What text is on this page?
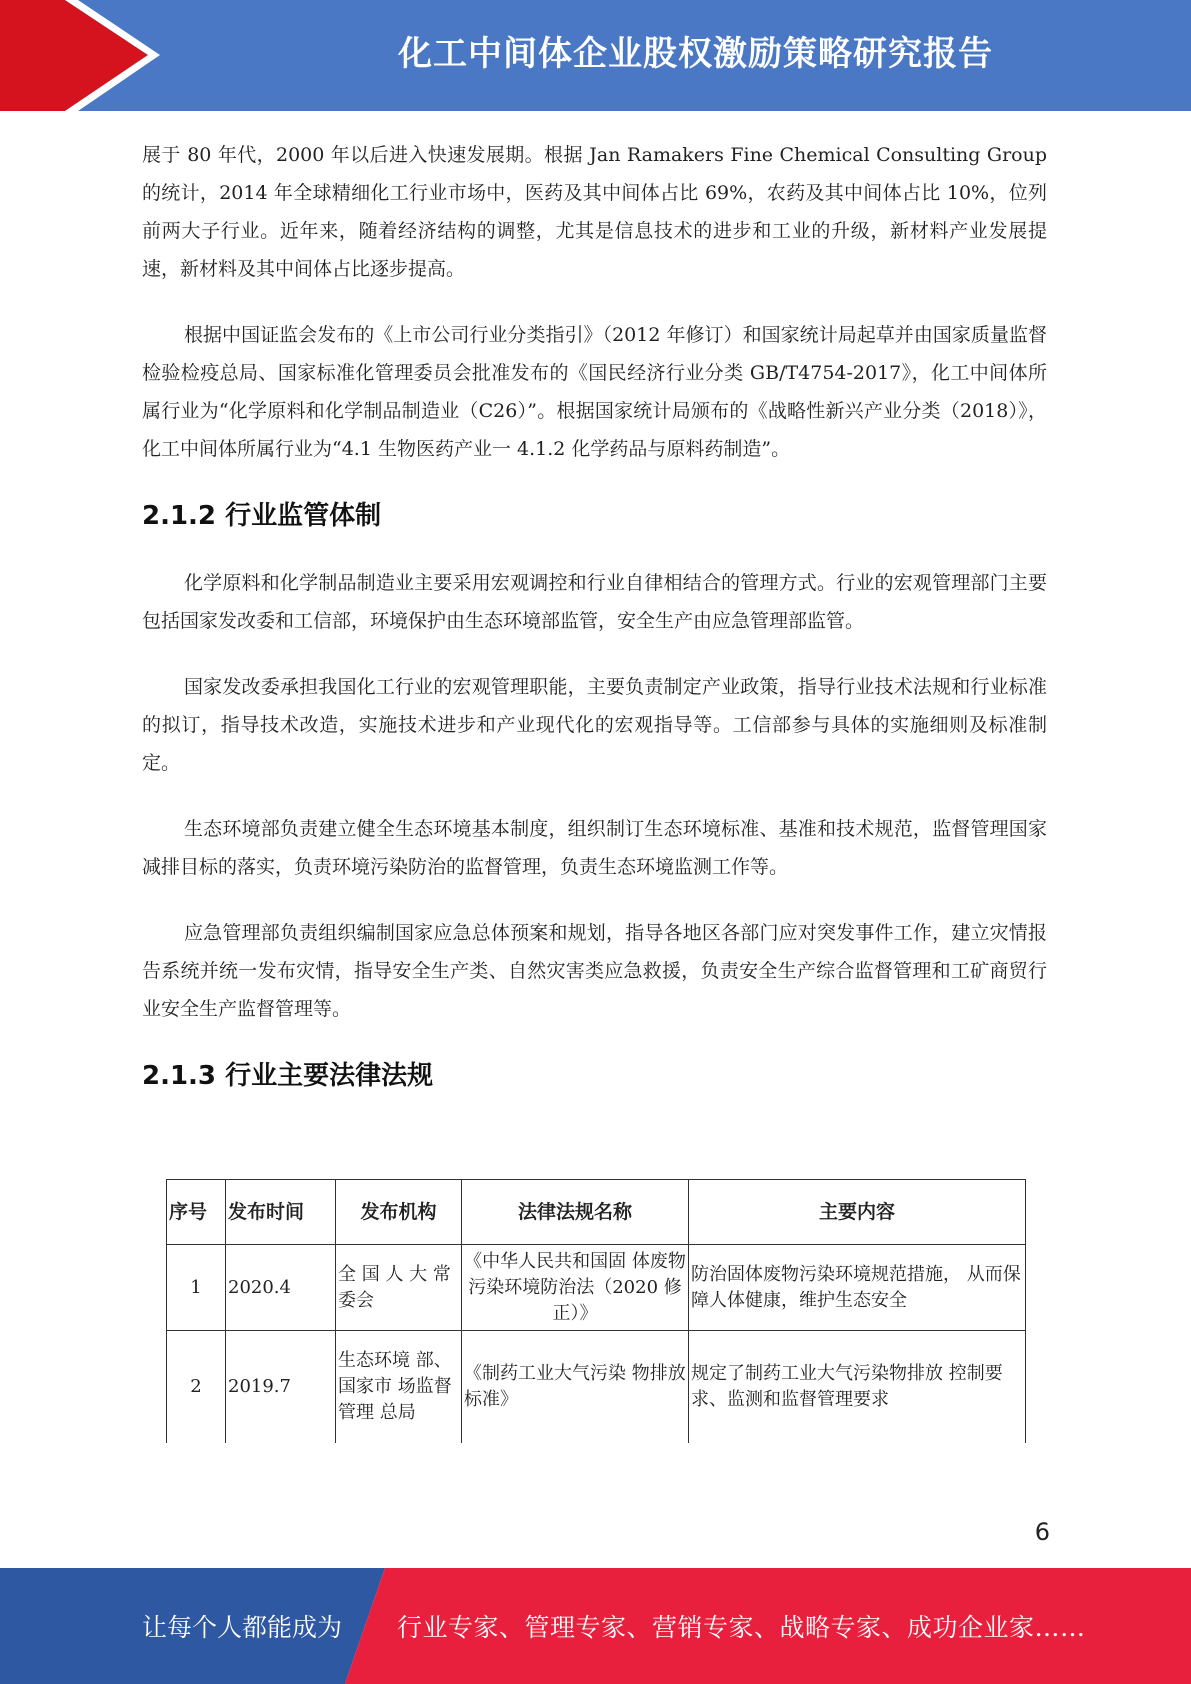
化工中间体企业股权激励策略研究报告

展于 80 年代，2000 年以后进入快速发展期。根据 Jan Ramakers Fine Chemical Consulting Group 的统计，2014 年全球精细化工行业市场中，医药及其中间体占比 69%，农药及其中间体占比 10%，位列前两大子行业。近年来，随着经济结构的调整，尤其是信息技术的进步和工业的升级，新材料产业发展提速，新材料及其中间体占比逐步提高。

根据中国证监会发布的《上市公司行业分类指引》（2012 年修订）和国家统计局起草并由国家质量监督检验检疫总局、国家标准化管理委员会批准发布的《国民经济行业分类 GB/T4754-2017》，化工中间体所属行业为“化学原料和化学制品制造业（C26）”。根据国家统计局颁布的《战略性新兴产业分类（2018）》，化工中间体所属行业为“4.1 生物医药产业一 4.1.2 化学药品与原料药制造”。

2.1.2 行业监管体制

化学原料和化学制品制造业主要采用宏观调控和行业自律相结合的管理方式。行业的宏观管理部门主要包括国家发改委和工信部，环境保护由生态环境部监管，安全生产由应急管理部监管。

国家发改委承担我国化工行业的宏观管理职能，主要负责制定产业政策，指导行业技术法规和行业标准的拟订，指导技术改造，实施技术进步和产业现代化的宏观指导等。工信部参与具体的实施细则及标准制定。

生态环境部负责建立健全生态环境基本制度，组织制订生态环境标准、基准和技术规范，监督管理国家减排目标的落实，负责环境污染防治的监督管理，负责生态环境监测工作等。

应急管理部负责组织编制国家应急总体预案和规划，指导各地区各部门应对突发事件工作，建立灾情报告系统并统一发布灾情，指导安全生产类、自然灾害类应急救援，负责安全生产综合监督管理和工矿商贸行业安全生产监督管理等。

2.1.3 行业主要法律法规
序号	发布时间	发布机构	法律法规名称	主要内容
1	2020.4	全 国 人 大 常 委会	《中华人民共和国固 体废物污染环境防治法（2020 修正）》	防治固体废物污染环境规范措施， 从而保障人体健康，维护生态安全
2	2019.7	生态环境 部、国家市 场监督管理 总局	《制药工业大气污染 物排放标准》	规定了制药工业大气污染物排放 控制要求、监测和监督管理要求
6
让每个人都能成为 行业专家、管理专家、营销专家、战略专家、成功企业家……
